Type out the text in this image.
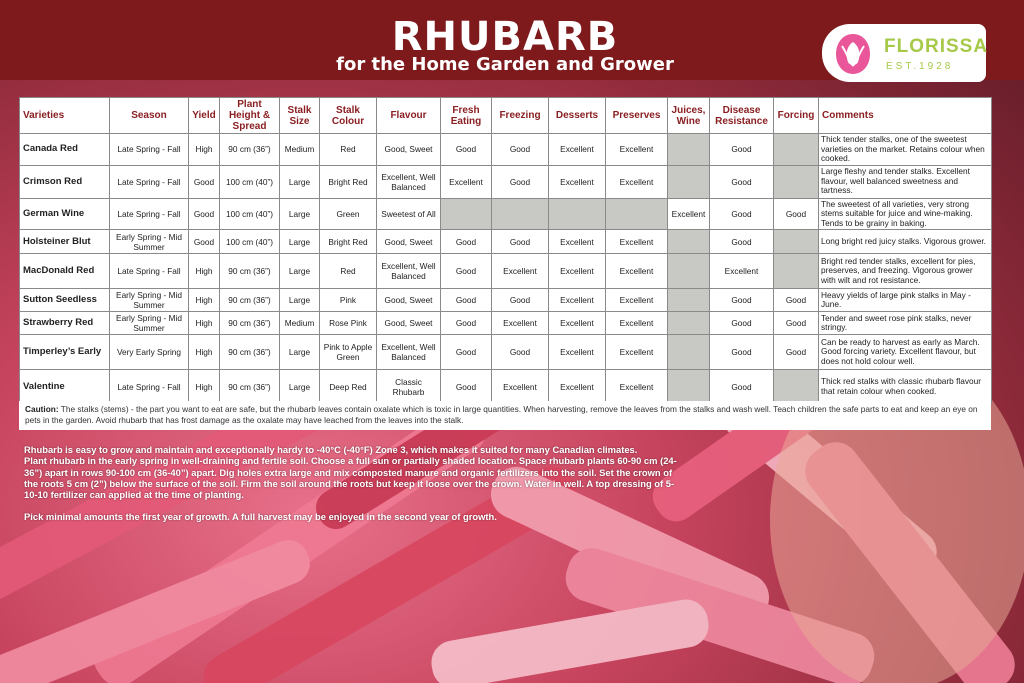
RHUBARB
for the Home Garden and Grower
FLORISSA
EST.1928
Varieties	Season	Yield	Plant Height & Spread	Stalk Size	Stalk Colour	Flavour	Fresh Eating	Freezing	Desserts	Preserves	Juices, Wine	Disease Resistance	Forcing	Comments
Canada Red	Late Spring - Fall	High	90 cm (36”)	Medium	Red	Good, Sweet	Good	Good	Excellent	Excellent		Good		Thick tender stalks, one of the sweetest varieties on the market. Retains colour when cooked.
Crimson Red	Late Spring - Fall	Good	100 cm (40”)	Large	Bright Red	Excellent, Well Balanced	Excellent	Good	Excellent	Excellent		Good		Large fleshy and tender stalks. Excellent flavour, well balanced sweetness and tartness.
German Wine	Late Spring - Fall	Good	100 cm (40”)	Large	Green	Sweetest of All					Excellent	Good	Good	The sweetest of all varieties, very strong stems suitable for juice and wine-making. Tends to be grainy in baking.
Holsteiner Blut	Early Spring - Mid Summer	Good	100 cm (40”)	Large	Bright Red	Good, Sweet	Good	Good	Excellent	Excellent		Good		Long bright red juicy stalks. Vigorous grower.
MacDonald Red	Late Spring - Fall	High	90 cm (36”)	Large	Red	Excellent, Well Balanced	Good	Excellent	Excellent	Excellent		Excellent		Bright red tender stalks, excellent for pies, preserves, and freezing. Vigorous grower with wilt and rot resistance.
Sutton Seedless	Early Spring - Mid Summer	High	90 cm (36”)	Large	Pink	Good, Sweet	Good	Good	Excellent	Excellent		Good	Good	Heavy yields of large pink stalks in May - June.
Strawberry Red	Early Spring - Mid Summer	High	90 cm (36”)	Medium	Rose Pink	Good, Sweet	Good	Excellent	Excellent	Excellent		Good	Good	Tender and sweet rose pink stalks, never stringy.
Timperley’s Early	Very Early Spring	High	90 cm (36”)	Large	Pink to Apple Green	Excellent, Well Balanced	Good	Good	Excellent	Excellent		Good	Good	Can be ready to harvest as early as March. Good forcing variety. Excellent flavour, but does not hold colour well.
Valentine	Late Spring - Fall	High	90 cm (36”)	Large	Deep Red	Classic Rhubarb	Good	Excellent	Excellent	Excellent		Good		Thick red stalks with classic rhubarb flavour that retain colour when cooked.
Caution: The stalks (stems) - the part you want to eat are safe, but the rhubarb leaves contain oxalate which is toxic in large quantities. When harvesting, remove the leaves from the stalks and wash well. Teach children the safe parts to eat and keep an eye on pets in the garden. Avoid rhubarb that has frost damage as the oxalate may have leached from the leaves into the stalk.

Rhubarb is easy to grow and maintain and exceptionally hardy to -40°C (-40°F) Zone 3, which makes it suited for many Canadian climates.

Plant rhubarb in the early spring in well-draining and fertile soil. Choose a full sun or partially shaded location. Space rhubarb plants 60-90 cm (24-36”) apart in rows 90-100 cm (36-40”) apart. Dig holes extra large and mix composted manure and organic fertilizers into the soil. Set the crown of the roots 5 cm (2”) below the surface of the soil. Firm the soil around the roots but keep it loose over the crown. Water in well. A top dressing of 5-10-10 fertilizer can applied at the time of planting.

Pick minimal amounts the first year of growth. A full harvest may be enjoyed in the second year of growth.
